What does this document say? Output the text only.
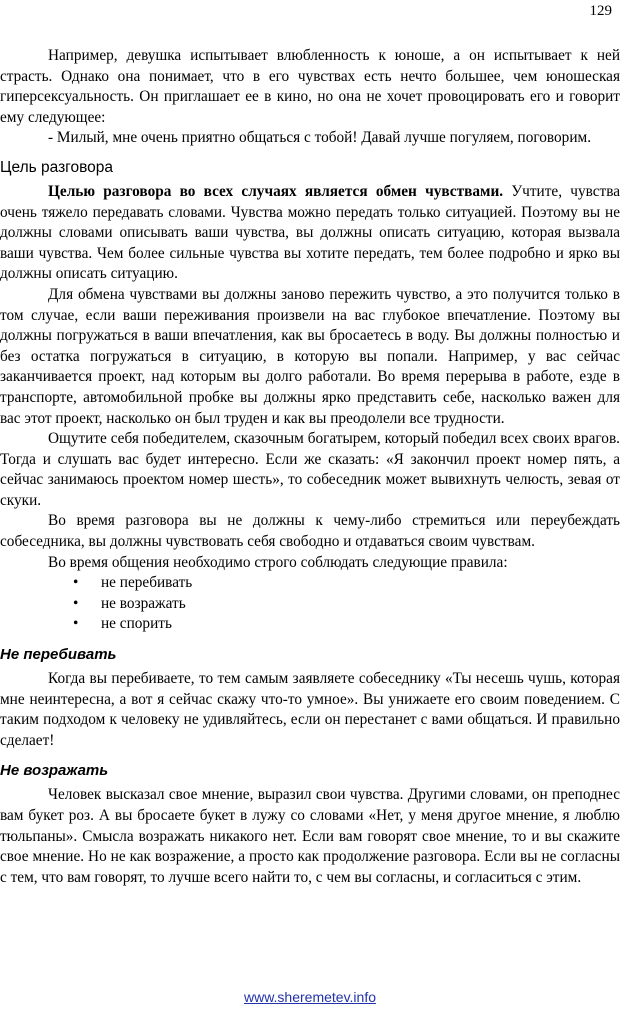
129

Например, девушка испытывает влюбленность к юноше, а он испытывает к ней страсть. Однако она понимает, что в его чувствах есть нечто большее, чем юношеская гиперсексуальность. Он приглашает ее в кино, но она не хочет провоцировать его и говорит ему следующее:

- Милый, мне очень приятно общаться с тобой! Давай лучше погуляем, поговорим.

Цель разговора

Целью разговора во всех случаях является обмен чувствами. Учтите, чувства очень тяжело передавать словами. Чувства можно передать только ситуацией. Поэтому вы не должны словами описывать ваши чувства, вы должны описать ситуацию, которая вызвала ваши чувства. Чем более сильные чувства вы хотите передать, тем более подробно и ярко вы должны описать ситуацию.

Для обмена чувствами вы должны заново пережить чувство, а это получится только в том случае, если ваши переживания произвели на вас глубокое впечатление. Поэтому вы должны погружаться в ваши впечатления, как вы бросаетесь в воду. Вы должны полностью и без остатка погружаться в ситуацию, в которую вы попали. Например, у вас сейчас заканчивается проект, над которым вы долго работали. Во время перерыва в работе, езде в транспорте, автомобильной пробке вы должны ярко представить себе, насколько важен для вас этот проект, насколько он был труден и как вы преодолели все трудности.

Ощутите себя победителем, сказочным богатырем, который победил всех своих врагов. Тогда и слушать вас будет интересно. Если же сказать: «Я закончил проект номер пять, а сейчас занимаюсь проектом номер шесть», то собеседник может вывихнуть челюсть, зевая от скуки.

Во время разговора вы не должны к чему-либо стремиться или переубеждать собеседника, вы должны чувствовать себя свободно и отдаваться своим чувствам.

Во время общения необходимо строго соблюдать следующие правила:

• не перебивать
• не возражать
• не спорить
Не перебивать

Когда вы перебиваете, то тем самым заявляете собеседнику «Ты несешь чушь, которая мне неинтересна, а вот я сейчас скажу что-то умное». Вы унижаете его своим поведением. С таким подходом к человеку не удивляйтесь, если он перестанет с вами общаться. И правильно сделает!

Не возражать

Человек высказал свое мнение, выразил свои чувства. Другими словами, он преподнес вам букет роз. А вы бросаете букет в лужу со словами «Нет, у меня другое мнение, я люблю тюльпаны». Смысла возражать никакого нет. Если вам говорят свое мнение, то и вы скажите свое мнение. Но не как возражение, а просто как продолжение разговора. Если вы не согласны с тем, что вам говорят, то лучше всего найти то, с чем вы согласны, и согласиться с этим.

www.sheremetev.info
